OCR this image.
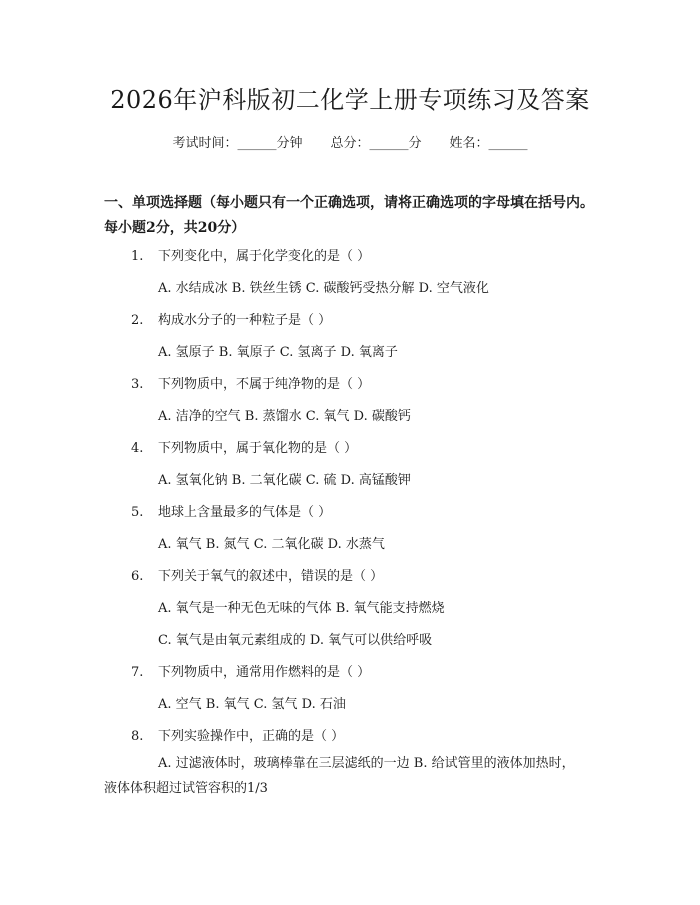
2026年沪科版初二化学上册专项练习及答案
考试时间：______分钟 总分：______分 姓名：______
一、单项选择题（每小题只有一个正确选项，请将正确选项的字母填在括号内。每小题2分，共20分）
1. 下列变化中，属于化学变化的是（ ）
A. 水结成冰 B. 铁丝生锈 C. 碳酸钙受热分解 D. 空气液化
2. 构成水分子的一种粒子是（ ）
A. 氢原子 B. 氧原子 C. 氢离子 D. 氧离子
3. 下列物质中，不属于纯净物的是（ ）
A. 洁净的空气 B. 蒸馏水 C. 氧气 D. 碳酸钙
4. 下列物质中，属于氧化物的是（ ）
A. 氢氧化钠 B. 二氧化碳 C. 硫 D. 高锰酸钾
5. 地球上含量最多的气体是（ ）
A. 氧气 B. 氮气 C. 二氧化碳 D. 水蒸气
6. 下列关于氧气的叙述中，错误的是（ ）
A. 氧气是一种无色无味的气体 B. 氧气能支持燃烧
C. 氧气是由氧元素组成的 D. 氧气可以供给呼吸
7. 下列物质中，通常用作燃料的是（ ）
A. 空气 B. 氧气 C. 氢气 D. 石油
8. 下列实验操作中，正确的是（ ）
A. 过滤液体时，玻璃棒靠在三层滤纸的一边 B. 给试管里的液体加热时，液体体积超过试管容积的1/3
